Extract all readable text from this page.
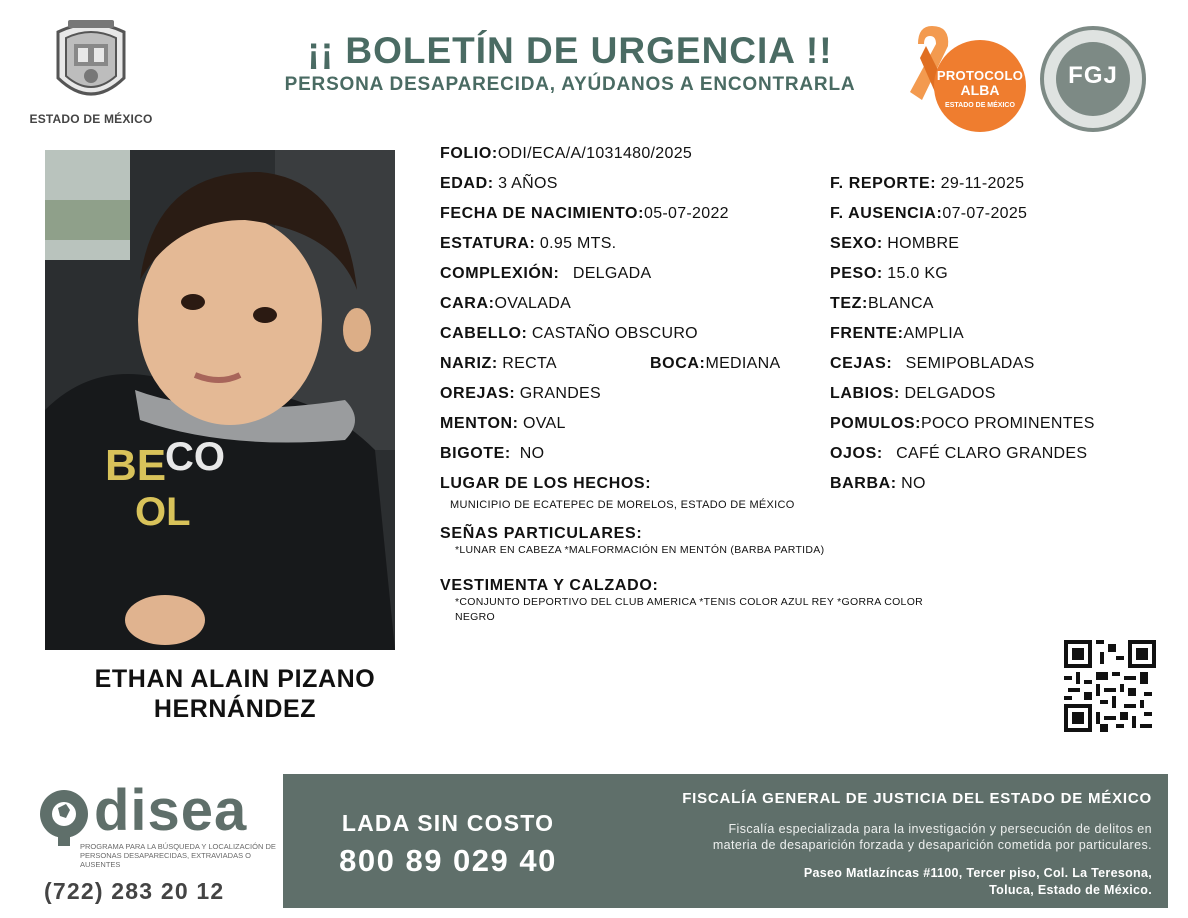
ESTADO DE MÉXICO
¡¡ BOLETÍN DE URGENCIA !!
PERSONA DESAPARECIDA, AYÚDANOS A ENCONTRARLA	PROTOCOLO
ALBA
ESTADO DE MÉXICO
FGJ
BE
CO
OL
ETHAN ALAIN PIZANO
HERNÁNDEZ
FOLIO:ODI/ECA/A/1031480/2025
EDAD: 3 AÑOS	F. REPORTE: 29-11-2025
FECHA DE NACIMIENTO:05-07-2022	F. AUSENCIA:07-07-2025
ESTATURA: 0.95 MTS.	SEXO: HOMBRE
COMPLEXIÓN: DELGADA	PESO: 15.0 KG
CARA:OVALADA	TEZ:BLANCA
CABELLO: CASTAÑO OBSCURO	FRENTE:AMPLIA
NARIZ: RECTA	BOCA:MEDIANA	CEJAS: SEMIPOBLADAS
OREJAS: GRANDES	LABIOS: DELGADOS
MENTON: OVAL	POMULOS:POCO PROMINENTES
BIGOTE: NO	OJOS: CAFÉ CLARO GRANDES
LUGAR DE LOS HECHOS:	BARBA: NO
MUNICIPIO DE ECATEPEC DE MORELOS, ESTADO DE MÉXICO
SEÑAS PARTICULARES:
*LUNAR EN CABEZA *MALFORMACIÓN EN MENTÓN (BARBA PARTIDA)
VESTIMENTA Y CALZADO:
*CONJUNTO DEPORTIVO DEL CLUB AMERICA *TENIS COLOR AZUL REY *GORRA COLOR
NEGRO
disea
PROGRAMA PARA LA BÚSQUEDA Y LOCALIZACIÓN DE PERSONAS DESAPARECIDAS, EXTRAVIADAS O AUSENTES
(722) 283 20 12
LADA SIN COSTO
800 89 029 40
FISCALÍA GENERAL DE JUSTICIA DEL ESTADO DE MÉXICO
Fiscalía especializada para la investigación y persecución de delitos en
materia de desaparición forzada y desaparición cometida por particulares.
Paseo Matlazíncas #1100, Tercer piso, Col. La Teresona,
Toluca, Estado de México.
